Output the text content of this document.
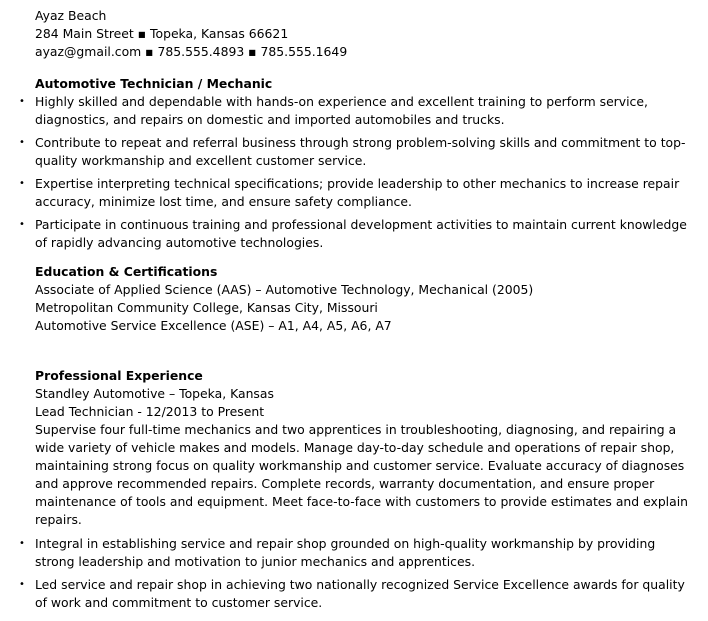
Ayaz Beach
284 Main Street ▪ Topeka, Kansas 66621
ayaz@gmail.com ▪ 785.555.4893 ▪ 785.555.1649
Automotive Technician / Mechanic
• Highly skilled and dependable with hands-on experience and excellent training to perform service, diagnostics, and repairs on domestic and imported automobiles and trucks.
• Contribute to repeat and referral business through strong problem-solving skills and commitment to top-quality workmanship and excellent customer service.
• Expertise interpreting technical specifications; provide leadership to other mechanics to increase repair accuracy, minimize lost time, and ensure safety compliance.
• Participate in continuous training and professional development activities to maintain current knowledge of rapidly advancing automotive technologies.
Education & Certifications
Associate of Applied Science (AAS) – Automotive Technology, Mechanical (2005)
Metropolitan Community College, Kansas City, Missouri
Automotive Service Excellence (ASE) – A1, A4, A5, A6, A7
Professional Experience
Standley Automotive – Topeka, Kansas
Lead Technician - 12/2013 to Present
Supervise four full-time mechanics and two apprentices in troubleshooting, diagnosing, and repairing a wide variety of vehicle makes and models. Manage day-to-day schedule and operations of repair shop, maintaining strong focus on quality workmanship and customer service. Evaluate accuracy of diagnoses and approve recommended repairs. Complete records, warranty documentation, and ensure proper maintenance of tools and equipment. Meet face-to-face with customers to provide estimates and explain repairs.
• Integral in establishing service and repair shop grounded on high-quality workmanship by providing strong leadership and motivation to junior mechanics and apprentices.
• Led service and repair shop in achieving two nationally recognized Service Excellence awards for quality of work and commitment to customer service.
